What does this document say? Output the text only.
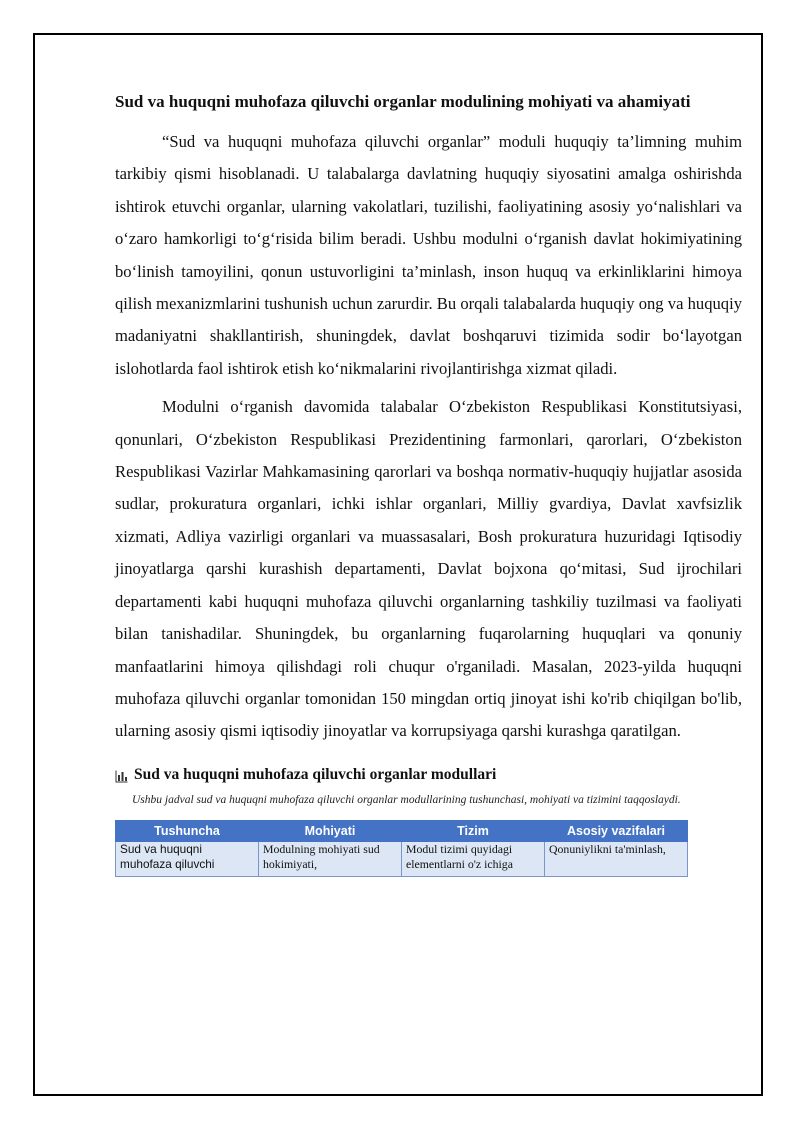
Sud va huquqni muhofaza qiluvchi organlar modulining mohiyati va ahamiyati

“Sud va huquqni muhofaza qiluvchi organlar” moduli huquqiy ta’limning muhim tarkibiy qismi hisoblanadi. U talabalarga davlatning huquqiy siyosatini amalga oshirishda ishtirok etuvchi organlar, ularning vakolatlari, tuzilishi, faoliyatining asosiy yo‘nalishlari va o‘zaro hamkorligi to‘g‘risida bilim beradi. Ushbu modulni o‘rganish davlat hokimiyatining bo‘linish tamoyilini, qonun ustuvorligini ta’minlash, inson huquq va erkinliklarini himoya qilish mexanizmlarini tushunish uchun zarurdir. Bu orqali talabalarda huquqiy ong va huquqiy madaniyatni shakllantirish, shuningdek, davlat boshqaruvi tizimida sodir bo‘layotgan islohotlarda faol ishtirok etish ko‘nikmalarini rivojlantirishga xizmat qiladi.

Modulni o‘rganish davomida talabalar O‘zbekiston Respublikasi Konstitutsiyasi, qonunlari, O‘zbekiston Respublikasi Prezidentining farmonlari, qarorlari, O‘zbekiston Respublikasi Vazirlar Mahkamasining qarorlari va boshqa normativ-huquqiy hujjatlar asosida sudlar, prokuratura organlari, ichki ishlar organlari, Milliy gvardiya, Davlat xavfsizlik xizmati, Adliya vazirligi organlari va muassasalari, Bosh prokuratura huzuridagi Iqtisodiy jinoyatlarga qarshi kurashish departamenti, Davlat bojxona qo‘mitasi, Sud ijrochilari departamenti kabi huquqni muhofaza qiluvchi organlarning tashkiliy tuzilmasi va faoliyati bilan tanishadilar. Shuningdek, bu organlarning fuqarolarning huquqlari va qonuniy manfaatlarini himoya qilishdagi roli chuqur o'rganiladi. Masalan, 2023-yilda huquqni muhofaza qiluvchi organlar tomonidan 150 mingdan ortiq jinoyat ishi ko'rib chiqilgan bo'lib, ularning asosiy qismi iqtisodiy jinoyatlar va korrupsiyaga qarshi kurashga qaratilgan.

Sud va huquqni muhofaza qiluvchi organlar modullari
Ushbu jadval sud va huquqni muhofaza qiluvchi organlar modullarining tushunchasi, mohiyati va tizimini taqqoslaydi.
Tushuncha	Mohiyati	Tizim	Asosiy vazifalari
Sud va huquqni muhofaza qiluvchi	Modulning mohiyati sud hokimiyati,	Modul tizimi quyidagi elementlarni o'z ichiga	Qonuniylikni ta'minlash,
